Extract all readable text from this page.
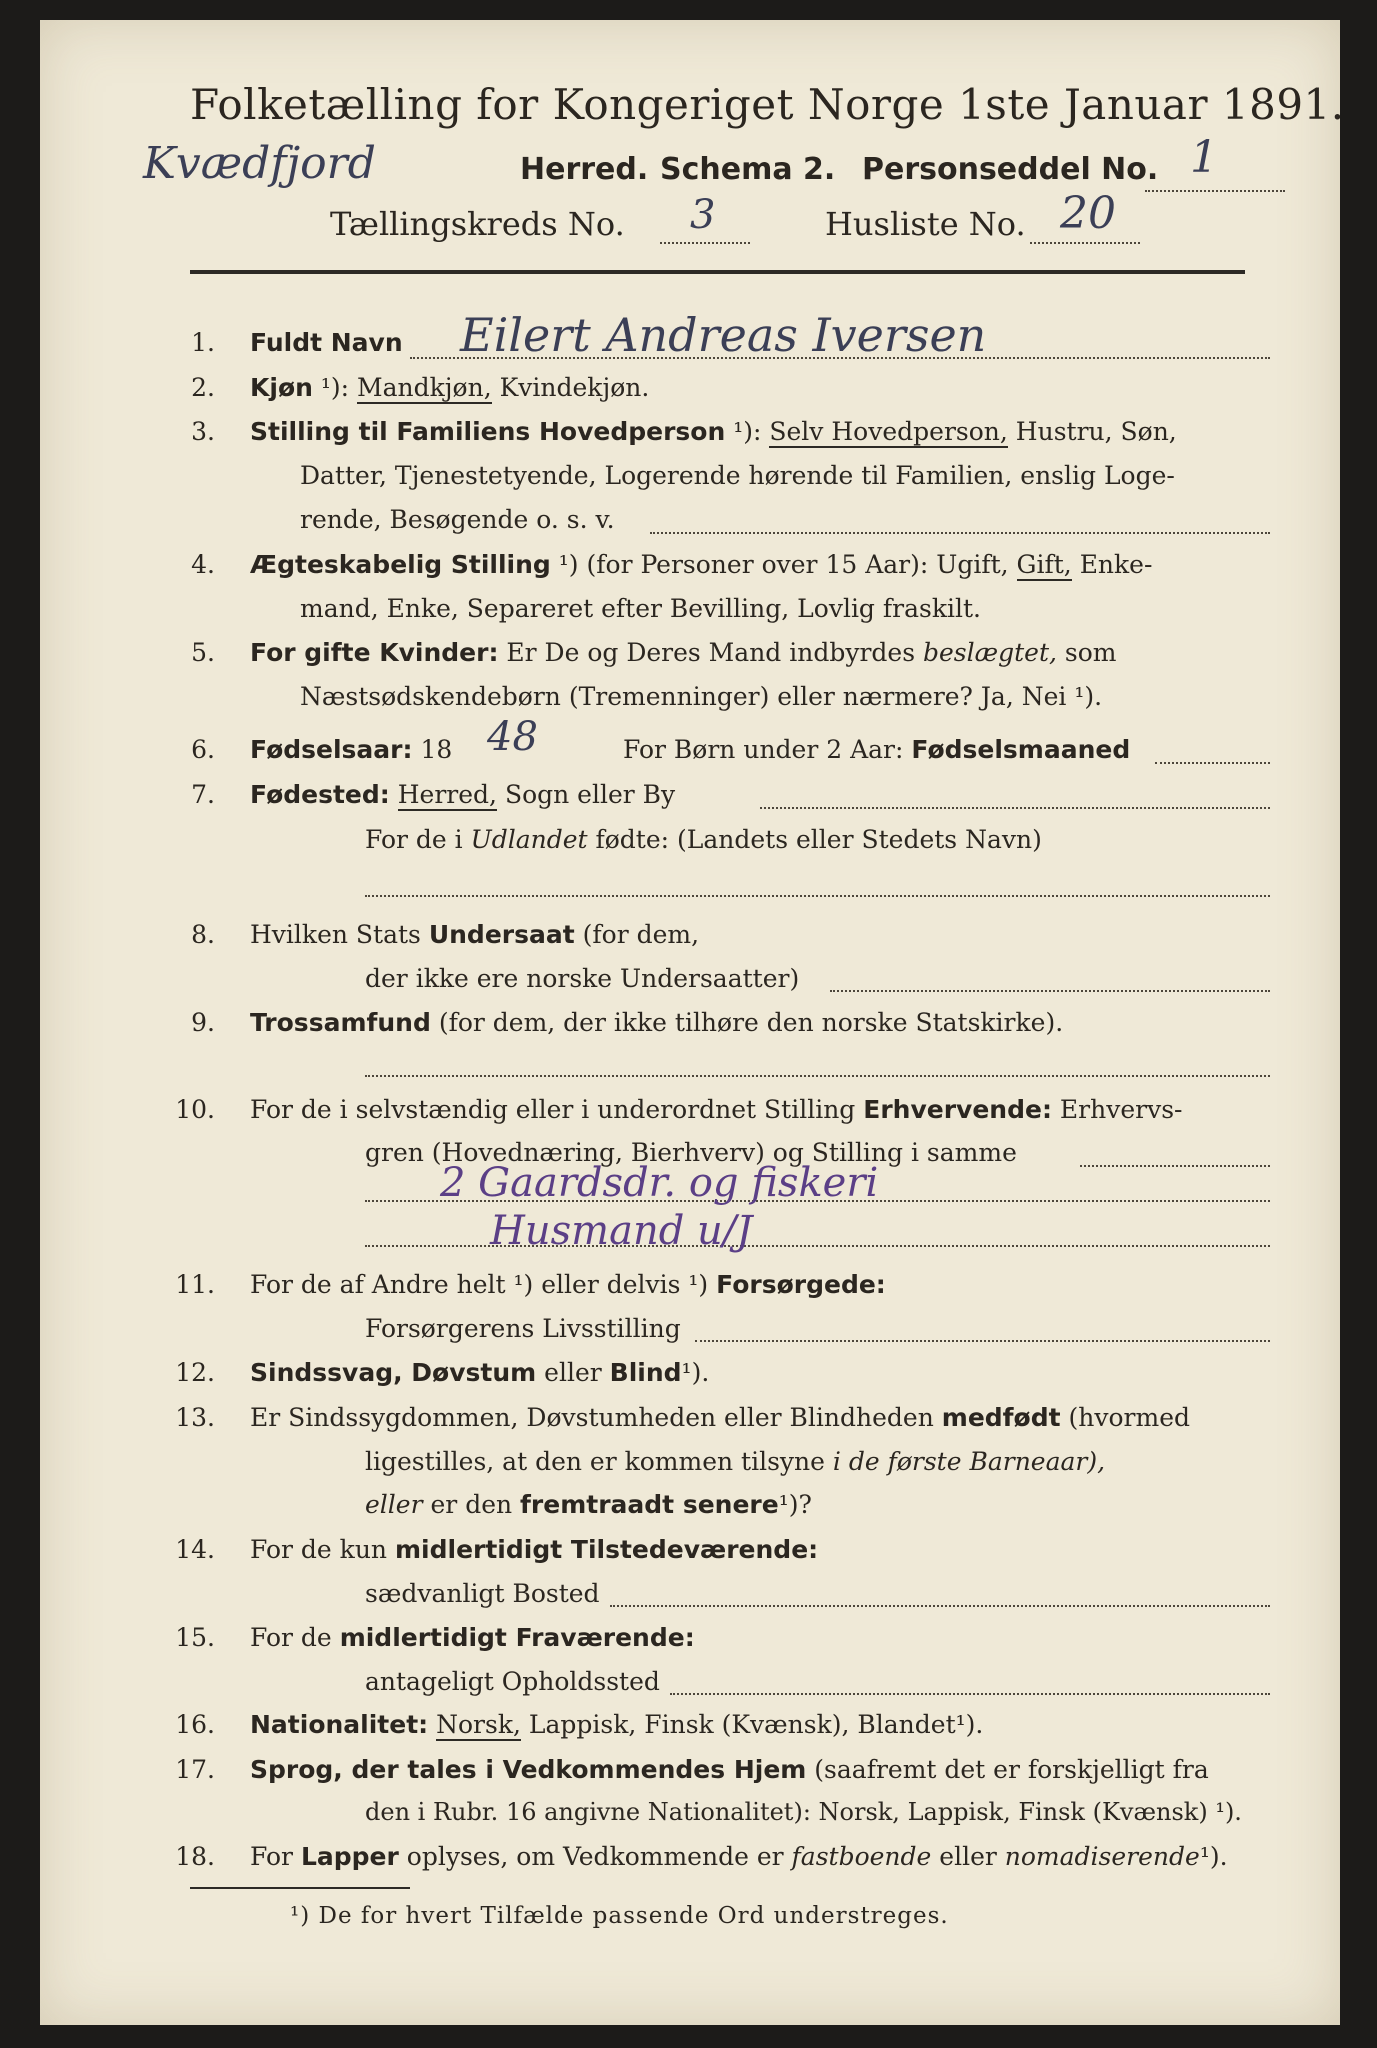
Folketælling for Kongeriget Norge 1ste Januar 1891.
Kvædfjord	Herred. Schema 2. Personseddel No. 1
Tællingskreds No. 3	Husliste No. 20
1. Fuldt Navn Eilert Andreas Iversen
2. Kjøn ¹): Mandkjøn, Kvindekjøn.
3. Stilling til Familiens Hovedperson ¹): Selv Hovedperson, Hustru, Søn,
Datter, Tjenestetyende, Logerende hørende til Familien, enslig Loge-
rende, Besøgende o. s. v.
4. Ægteskabelig Stilling ¹) (for Personer over 15 Aar): Ugift, Gift, Enke-
mand, Enke, Separeret efter Bevilling, Lovlig fraskilt.
5. For gifte Kvinder: Er De og Deres Mand indbyrdes beslægtet, som
Næstsødskendebørn (Tremenninger) eller nærmere? Ja, Nei ¹).
6. Fødselsaar: 18 48	For Børn under 2 Aar: Fødselsmaaned
7. Fødested: Herred, Sogn eller By
For de i Udlandet fødte: (Landets eller Stedets Navn)
8. Hvilken Stats Undersaat (for dem,
der ikke ere norske Undersaatter)
9. Trossamfund (for dem, der ikke tilhøre den norske Statskirke).
10. For de i selvstændig eller i underordnet Stilling Erhvervende: Erhvervs-
gren (Hovednæring, Bierhverv) og Stilling i samme
2 Gaardsdr. og fiskeri
Husmand u/J
11. For de af Andre helt ¹) eller delvis ¹) Forsørgede:
Forsørgerens Livsstilling
12. Sindssvag, Døvstum eller Blind¹).
13. Er Sindssygdommen, Døvstumheden eller Blindheden medfødt (hvormed
ligestilles, at den er kommen tilsyne i de første Barneaar),
eller er den fremtraadt senere¹)?
14. For de kun midlertidigt Tilstedeværende:
sædvanligt Bosted
15. For de midlertidigt Fraværende:
antageligt Opholdssted
16. Nationalitet: Norsk, Lappisk, Finsk (Kvænsk), Blandet¹).
17. Sprog, der tales i Vedkommendes Hjem (saafremt det er forskjelligt fra
den i Rubr. 16 angivne Nationalitet): Norsk, Lappisk, Finsk (Kvænsk) ¹).
18. For Lapper oplyses, om Vedkommende er fastboende eller nomadiserende¹).
¹) De for hvert Tilfælde passende Ord understreges.
